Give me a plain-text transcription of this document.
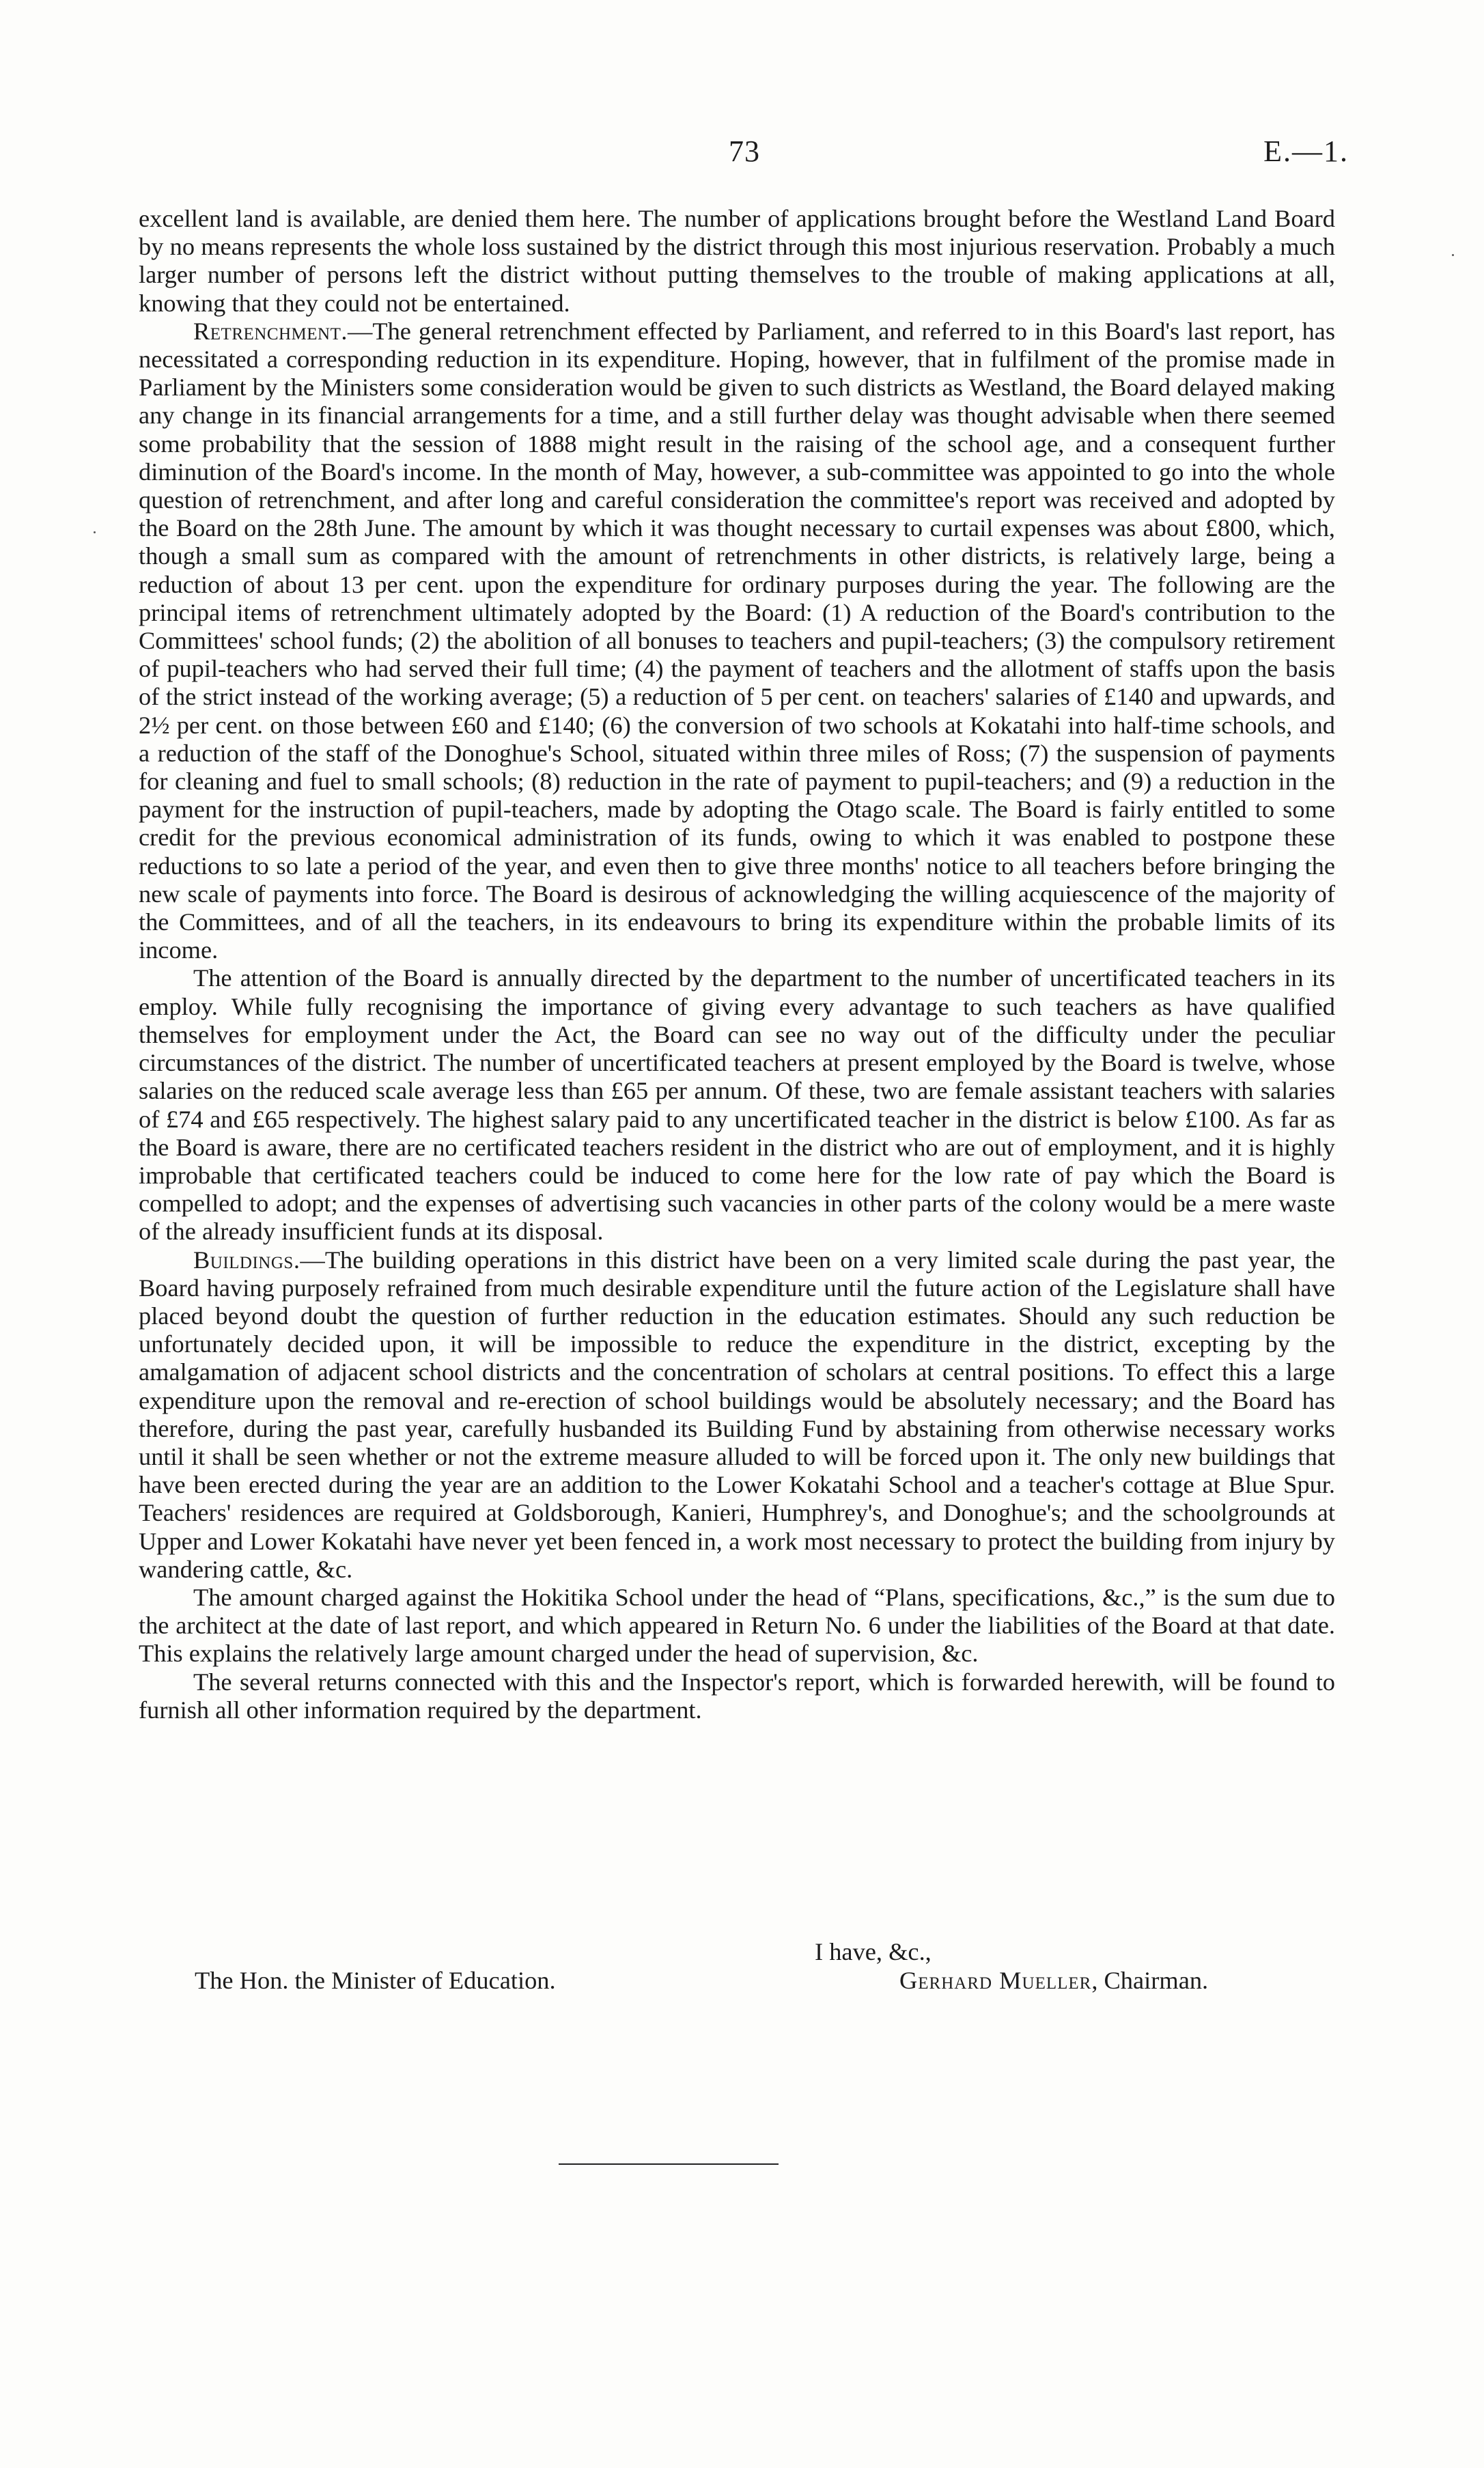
73	E.—1.

excellent land is available, are denied them here. The number of applications brought before the Westland Land Board by no means represents the whole loss sustained by the district through this most injurious reservation. Probably a much larger number of persons left the district without putting themselves to the trouble of making applications at all, knowing that they could not be entertained.

Retrenchment.—The general retrenchment effected by Parliament, and referred to in this Board's last report, has necessitated a corresponding reduction in its expenditure. Hoping, however, that in fulfilment of the promise made in Parliament by the Ministers some consideration would be given to such districts as Westland, the Board delayed making any change in its financial arrangements for a time, and a still further delay was thought advisable when there seemed some probability that the session of 1888 might result in the raising of the school age, and a consequent further diminution of the Board's income. In the month of May, however, a sub-committee was appointed to go into the whole question of retrenchment, and after long and careful consideration the committee's report was received and adopted by the Board on the 28th June. The amount by which it was thought necessary to curtail expenses was about £800, which, though a small sum as compared with the amount of retrenchments in other districts, is relatively large, being a reduction of about 13 per cent. upon the expenditure for ordinary purposes during the year. The following are the principal items of retrenchment ultimately adopted by the Board: (1) A reduction of the Board's contribution to the Committees' school funds; (2) the abolition of all bonuses to teachers and pupil-teachers; (3) the compulsory retirement of pupil-teachers who had served their full time; (4) the payment of teachers and the allotment of staffs upon the basis of the strict instead of the working average; (5) a reduction of 5 per cent. on teachers' salaries of £140 and upwards, and 2½ per cent. on those between £60 and £140; (6) the conversion of two schools at Kokatahi into half-time schools, and a reduction of the staff of the Donoghue's School, situated within three miles of Ross; (7) the suspension of payments for cleaning and fuel to small schools; (8) reduction in the rate of payment to pupil-teachers; and (9) a reduction in the payment for the instruction of pupil-teachers, made by adopting the Otago scale. The Board is fairly entitled to some credit for the previous economical administration of its funds, owing to which it was enabled to postpone these reductions to so late a period of the year, and even then to give three months' notice to all teachers before bringing the new scale of payments into force. The Board is desirous of acknowledging the willing acquiescence of the majority of the Committees, and of all the teachers, in its endeavours to bring its expenditure within the probable limits of its income.

The attention of the Board is annually directed by the department to the number of uncertificated teachers in its employ. While fully recognising the importance of giving every advantage to such teachers as have qualified themselves for employment under the Act, the Board can see no way out of the difficulty under the peculiar circumstances of the district. The number of uncertificated teachers at present employed by the Board is twelve, whose salaries on the reduced scale average less than £65 per annum. Of these, two are female assistant teachers with salaries of £74 and £65 respectively. The highest salary paid to any uncertificated teacher in the district is below £100. As far as the Board is aware, there are no certificated teachers resident in the district who are out of employment, and it is highly improbable that certificated teachers could be induced to come here for the low rate of pay which the Board is compelled to adopt; and the expenses of advertising such vacancies in other parts of the colony would be a mere waste of the already insufficient funds at its disposal.

Buildings.—The building operations in this district have been on a very limited scale during the past year, the Board having purposely refrained from much desirable expenditure until the future action of the Legislature shall have placed beyond doubt the question of further reduction in the education estimates. Should any such reduction be unfortunately decided upon, it will be impossible to reduce the expenditure in the district, excepting by the amalgamation of adjacent school districts and the concentration of scholars at central positions. To effect this a large expenditure upon the removal and re-erection of school buildings would be absolutely necessary; and the Board has therefore, during the past year, carefully husbanded its Building Fund by abstaining from otherwise necessary works until it shall be seen whether or not the extreme measure alluded to will be forced upon it. The only new buildings that have been erected during the year are an addition to the Lower Kokatahi School and a teacher's cottage at Blue Spur. Teachers' residences are required at Goldsborough, Kanieri, Humphrey's, and Donoghue's; and the schoolgrounds at Upper and Lower Kokatahi have never yet been fenced in, a work most necessary to protect the building from injury by wandering cattle, &c.

The amount charged against the Hokitika School under the head of “Plans, specifications, &c.,” is the sum due to the architect at the date of last report, and which appeared in Return No. 6 under the liabilities of the Board at that date. This explains the relatively large amount charged under the head of supervision, &c.

The several returns connected with this and the Inspector's report, which is forwarded herewith, will be found to furnish all other information required by the department.

I have, &c.,
The Hon. the Minister of Education.	Gerhard Mueller, Chairman.
